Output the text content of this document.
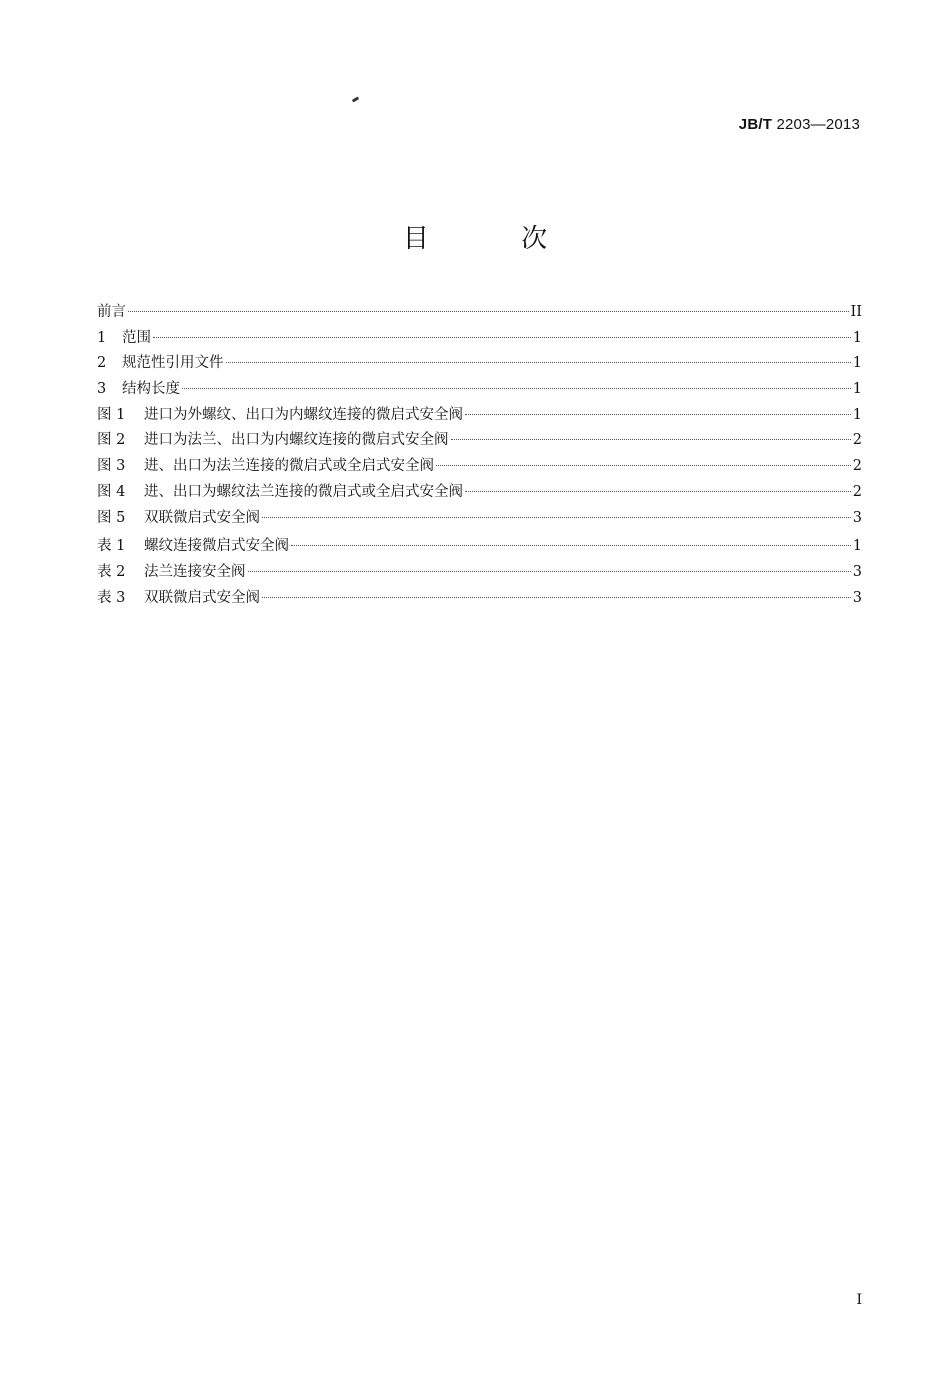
JB/T 2203—2013
目 次
前言	II
1	范围	1
2	规范性引用文件	1
3	结构长度	1
图 1	进口为外螺纹、出口为内螺纹连接的微启式安全阀	1
图 2	进口为法兰、出口为内螺纹连接的微启式安全阀	2
图 3	进、出口为法兰连接的微启式或全启式安全阀	2
图 4	进、出口为螺纹法兰连接的微启式或全启式安全阀	2
图 5	双联微启式安全阀	3
表 1	螺纹连接微启式安全阀	1
表 2	法兰连接安全阀	3
表 3	双联微启式安全阀	3
I
